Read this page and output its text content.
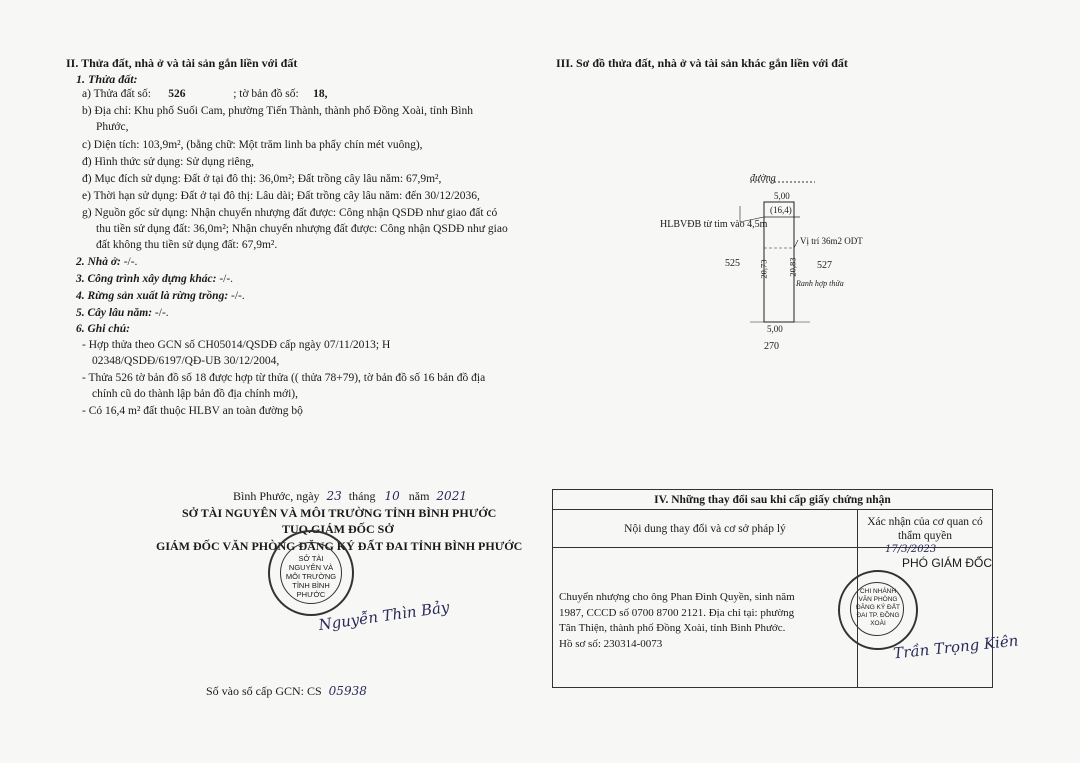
II. Thửa đất, nhà ở và tài sản gắn liền với đất
1. Thửa đất:
a) Thửa đất số: 526	; tờ bản đồ số: 18,
b) Địa chỉ: Khu phố Suối Cam, phường Tiến Thành, thành phố Đồng Xoài, tỉnh Bình
Phước,
c) Diện tích: 103,9m², (bằng chữ: Một trăm linh ba phẩy chín mét vuông),
đ) Hình thức sử dụng: Sử dụng riêng,
đ) Mục đích sử dụng: Đất ở tại đô thị: 36,0m²; Đất trồng cây lâu năm: 67,9m²,
e) Thời hạn sử dụng: Đất ở tại đô thị: Lâu dài; Đất trồng cây lâu năm: đến 30/12/2036,
g) Nguồn gốc sử dụng: Nhận chuyển nhượng đất được: Công nhận QSDĐ như giao đất có
thu tiền sử dụng đất: 36,0m²; Nhận chuyển nhượng đất được: Công nhận QSDĐ như giao
đất không thu tiền sử dụng đất: 67,9m².
2. Nhà ở: -/-.
3. Công trình xây dựng khác: -/-.
4. Rừng sản xuất là rừng trồng: -/-.
5. Cây lâu năm: -/-.
6. Ghi chú:
- Hợp thửa theo GCN số CH05014/QSDĐ cấp ngày 07/11/2013; H
02348/QSDĐ/6197/QĐ-UB 30/12/2004,
- Thửa 526 tờ bản đồ số 18 được hợp từ thửa (( thửa 78+79), tờ bản đồ số 16 bản đồ địa
chính cũ do thành lập bản đồ địa chính mới),
- Có 16,4 m² đất thuộc HLBV an toàn đường bộ
Bình Phước, ngày 23 tháng 10 năm 2021
SỞ TÀI NGUYÊN VÀ MÔI TRƯỜNG TỈNH BÌNH PHƯỚC
TUQ.GIÁM ĐỐC SỞ
GIÁM ĐỐC VĂN PHÒNG ĐĂNG KÝ ĐẤT ĐAI TỈNH BÌNH PHƯỚC
SỞ TÀI NGUYÊN VÀ MÔI TRƯỜNG TỈNH BÌNH PHƯỚC
Nguyễn Thìn Bảy
Số vào sổ cấp GCN: CS 05938
III. Sơ đồ thửa đất, nhà ở và tài sản khác gắn liền với đất
đường
5,00
(16,4)
HLBVĐB từ tim vào 4,5m
Vị trí 36m2 ODT
20,73 20,83
525	527
Ranh hợp thửa
5,00
270
IV. Những thay đổi sau khi cấp giấy chứng nhận	
Nội dung thay đổi và cơ sở pháp lý	Xác nhận của cơ quan có
thẩm quyền

Chuyển nhượng cho ông Phan Đình Quyền, sinh năm
1987, CCCD số 0700 8700 2121. Địa chỉ tại: phường
Tân Thiện, thành phố Đồng Xoài, tỉnh Bình Phước.
Hồ sơ số: 230314-0073	

17/3/2023
PHÓ GIÁM ĐỐC
CHI NHÁNH VĂN PHÒNG ĐĂNG KÝ ĐẤT ĐAI TP. ĐỒNG XOÀI
Trần Trọng Kiên
